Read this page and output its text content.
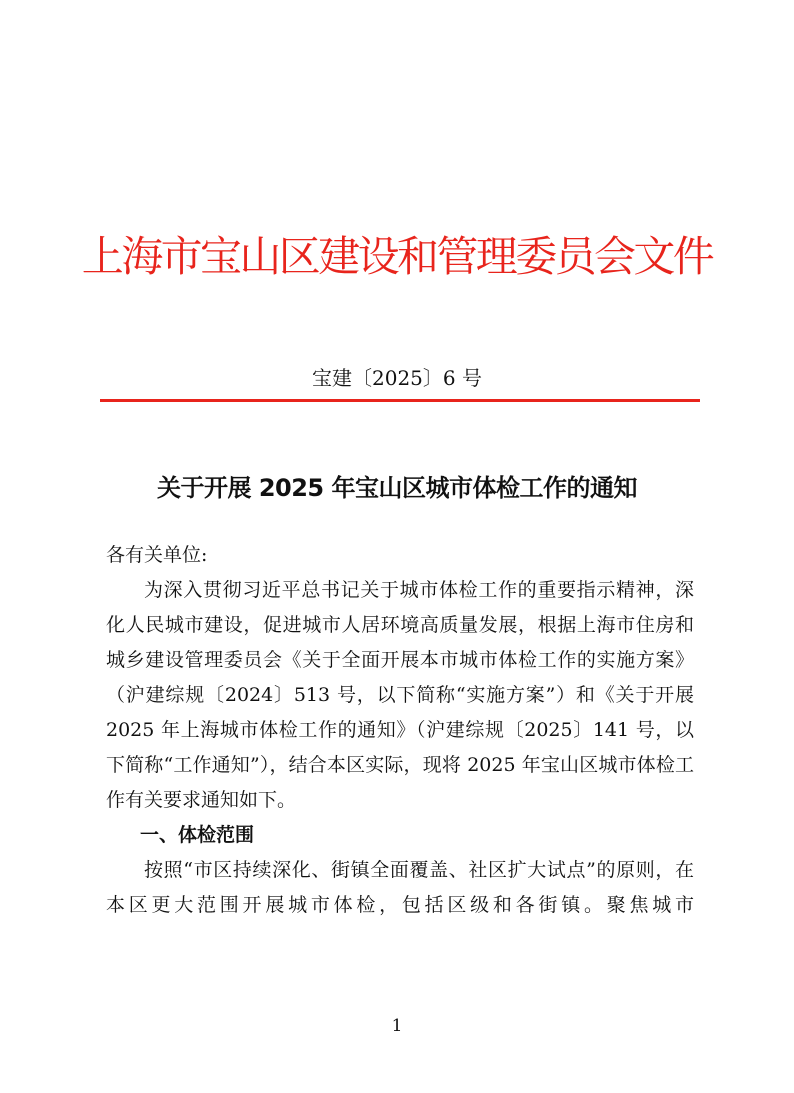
上海市宝山区建设和管理委员会文件
宝建〔2025〕6 号
关于开展 2025 年宝山区城市体检工作的通知

各有关单位:

为深入贯彻习近平总书记关于城市体检工作的重要指示精神，深化人民城市建设，促进城市人居环境高质量发展，根据上海市住房和城乡建设管理委员会《关于全面开展本市城市体检工作的实施方案》（沪建综规〔2024〕513 号，以下简称“实施方案”）和《关于开展 2025 年上海城市体检工作的通知》（沪建综规〔2025〕141 号，以下简称“工作通知”），结合本区实际，现将 2025 年宝山区城市体检工作有关要求通知如下。

一、体检范围

按照“市区持续深化、街镇全面覆盖、社区扩大试点”的原则，在本区更大范围开展城市体检，包括区级和各街镇。聚焦城市

1
